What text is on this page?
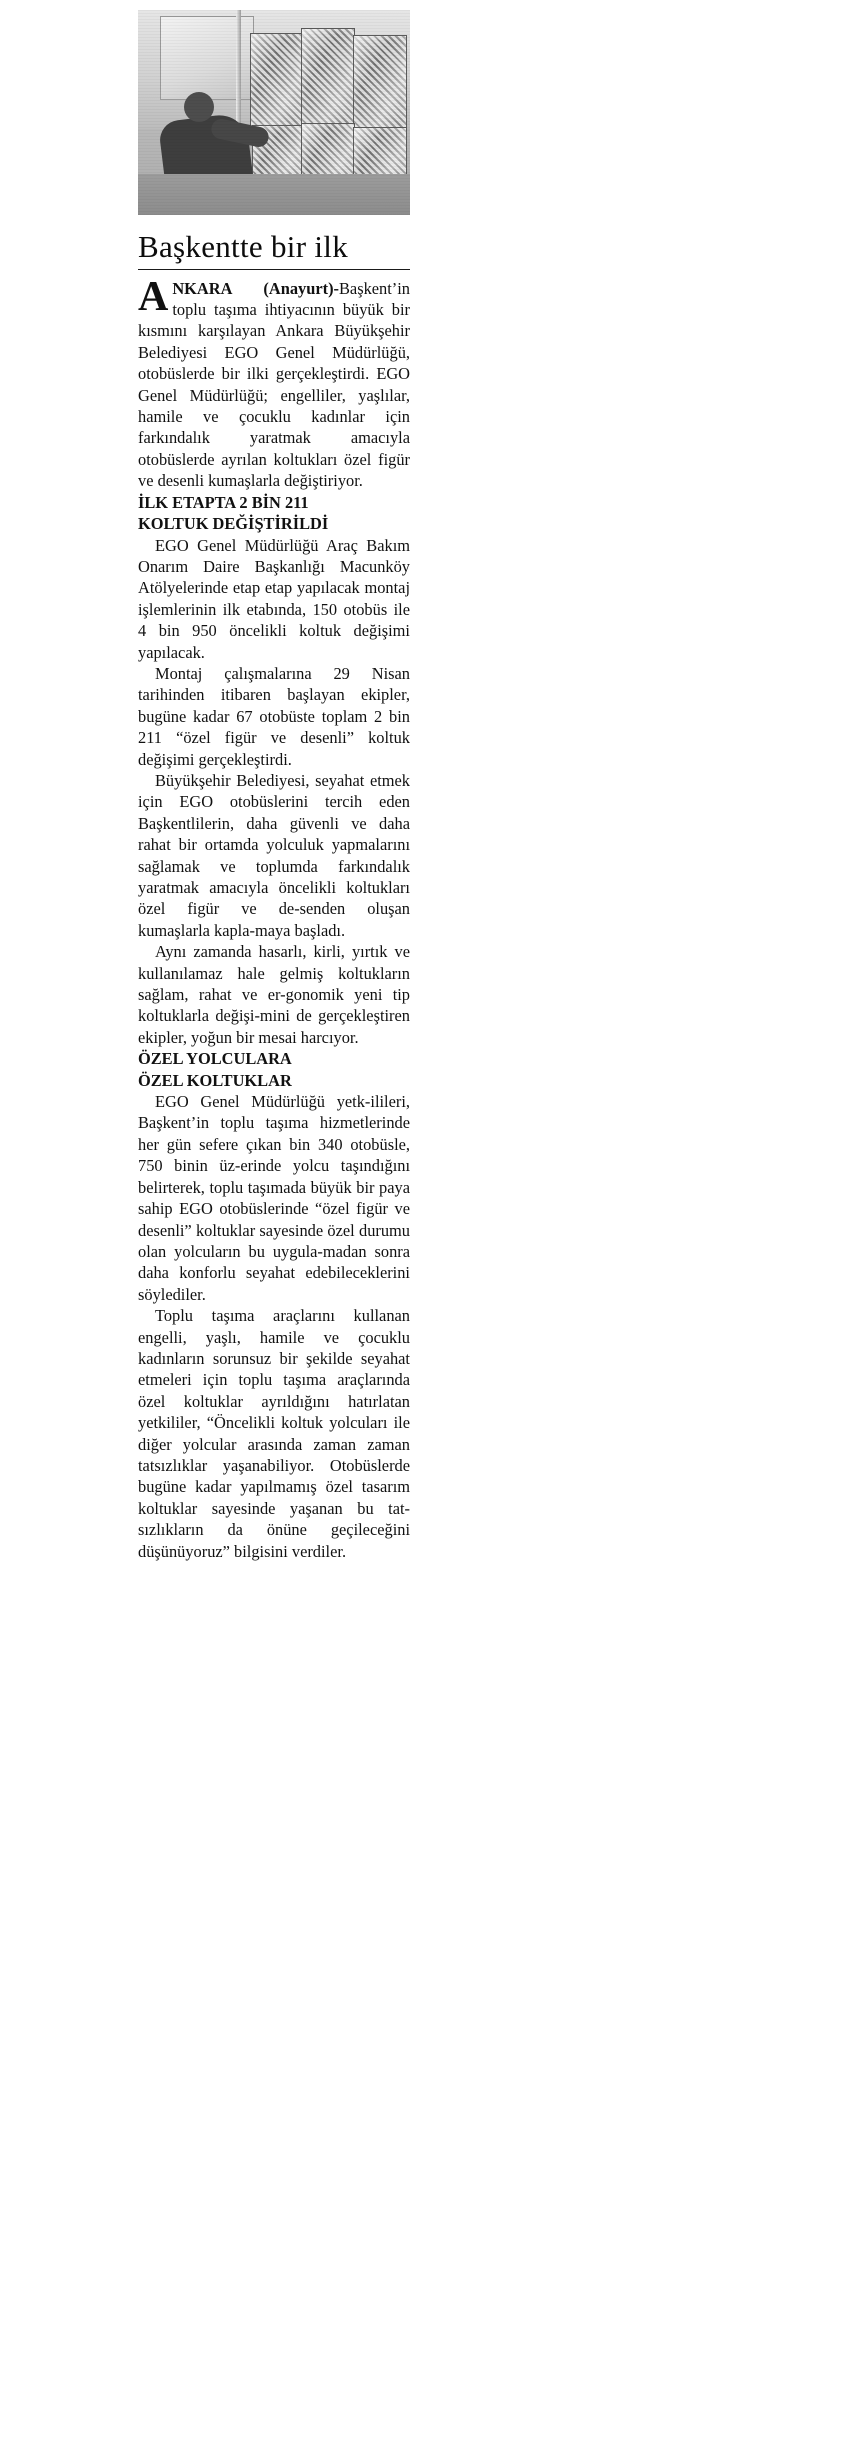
Başkentte bir ilk

ANKARA (Anayurt)-Başkent’in toplu taşıma ihtiyacının büyük bir kısmını karşılayan Ankara Büyükşehir Belediyesi EGO Genel Müdürlüğü, otobüslerde bir ilki gerçekleştirdi. EGO Genel Müdürlüğü; engelliler, yaşlılar, hamile ve çocuklu kadınlar için farkındalık yaratmak amacıyla otobüslerde ayrılan koltukları özel figür ve desenli kumaşlarla değiştiriyor.

İLK ETAPTA 2 BİN 211

KOLTUK DEĞİŞTİRİLDİ

EGO Genel Müdürlüğü Araç Bakım Onarım Daire Başkanlığı Macunköy Atölyelerinde etap etap yapılacak montaj işlemlerinin ilk etabında, 150 otobüs ile 4 bin 950 öncelikli koltuk değişimi yapılacak.

Montaj çalışmalarına 29 Nisan tarihinden itibaren başlayan ekipler, bugüne kadar 67 otobüste toplam 2 bin 211 “özel figür ve desenli” koltuk değişimi gerçekleştirdi.

Büyükşehir Belediyesi, seyahat etmek için EGO otobüslerini tercih eden Başkentlilerin, daha güvenli ve daha rahat bir ortamda yolculuk yapmalarını sağlamak ve toplumda farkındalık yaratmak amacıyla öncelikli koltukları özel figür ve de-senden oluşan kumaşlarla kapla-maya başladı.

Aynı zamanda hasarlı, kirli, yırtık ve kullanılamaz hale gelmiş koltukların sağlam, rahat ve er-gonomik yeni tip koltuklarla değişi-mini de gerçekleştiren ekipler, yoğun bir mesai harcıyor.

ÖZEL YOLCULARA

ÖZEL KOLTUKLAR

EGO Genel Müdürlüğü yetk-ilileri, Başkent’in toplu taşıma hizmetlerinde her gün sefere çıkan bin 340 otobüsle, 750 binin üz-erinde yolcu taşındığını belirterek, toplu taşımada büyük bir paya sahip EGO otobüslerinde “özel figür ve desenli” koltuklar sayesinde özel durumu olan yolcuların bu uygula-madan sonra daha konforlu seyahat edebileceklerini söylediler.

Toplu taşıma araçlarını kullanan engelli, yaşlı, hamile ve çocuklu kadınların sorunsuz bir şekilde seyahat etmeleri için toplu taşıma araçlarında özel koltuklar ayrıldığını hatırlatan yetkililer, “Öncelikli koltuk yolcuları ile diğer yolcular arasında zaman zaman tatsızlıklar yaşanabiliyor. Otobüslerde bugüne kadar yapılmamış özel tasarım koltuklar sayesinde yaşanan bu tat-sızlıkların da önüne geçileceğini düşünüyoruz” bilgisini verdiler.
